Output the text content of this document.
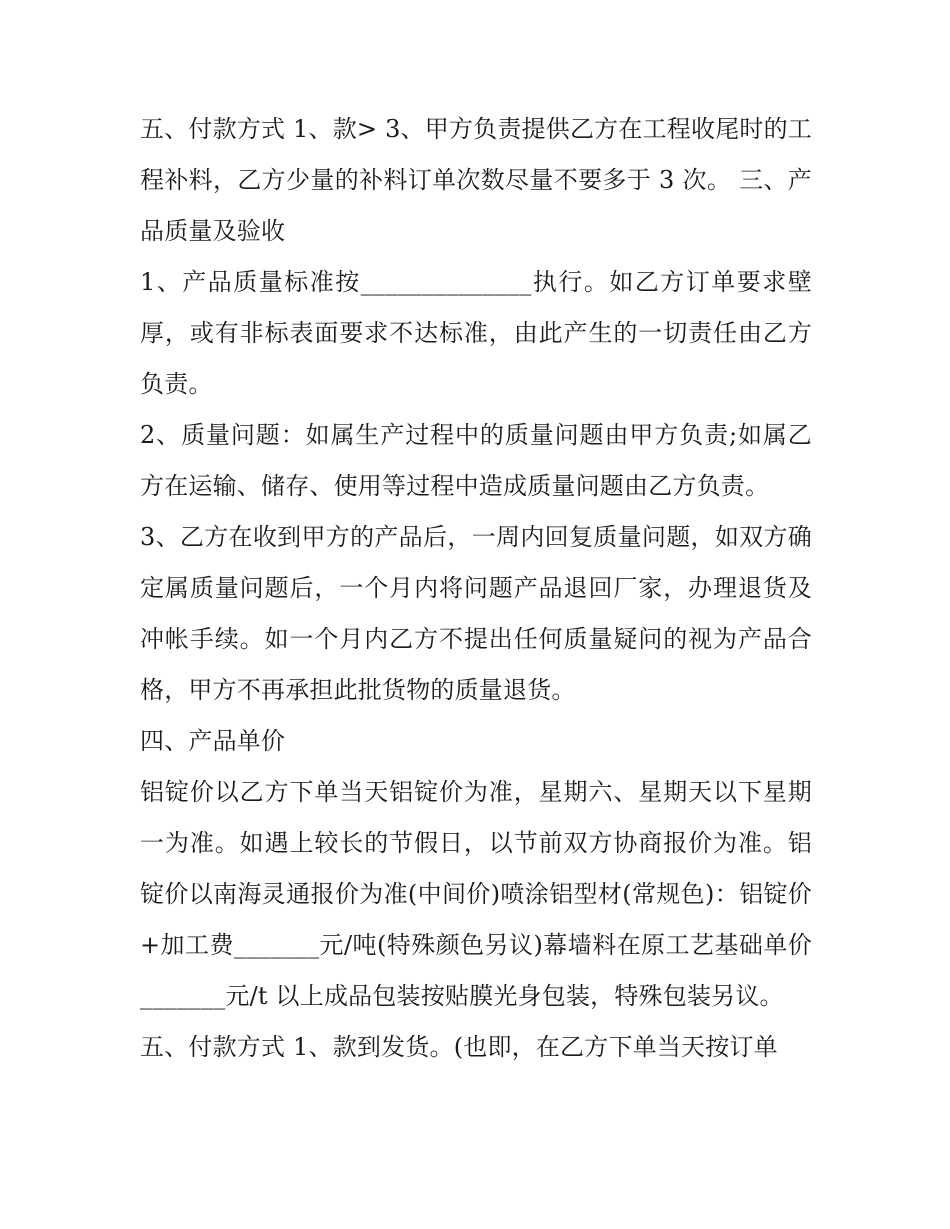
五、付款方式 1、款> 3、甲方负责提供乙方在工程收尾时的工程补料，乙方少量的补料订单次数尽量不要多于 3 次。 三、产品质量及验收

1、产品质量标准按______________执行。如乙方订单要求壁厚，或有非标表面要求不达标准，由此产生的一切责任由乙方负责。

2、质量问题：如属生产过程中的质量问题由甲方负责;如属乙方在运输、储存、使用等过程中造成质量问题由乙方负责。

3、乙方在收到甲方的产品后，一周内回复质量问题，如双方确定属质量问题后，一个月内将问题产品退回厂家，办理退货及冲帐手续。如一个月内乙方不提出任何质量疑问的视为产品合格，甲方不再承担此批货物的质量退货。

四、产品单价

铝锭价以乙方下单当天铝锭价为准，星期六、星期天以下星期一为准。如遇上较长的节假日，以节前双方协商报价为准。铝锭价以南海灵通报价为准(中间价)喷涂铝型材(常规色)：铝锭价+加工费_______元/吨(特殊颜色另议)幕墙料在原工艺基础单价_______元/t 以上成品包装按贴膜光身包装，特殊包装另议。

五、付款方式 1、款到发货。(也即，在乙方下单当天按订单
